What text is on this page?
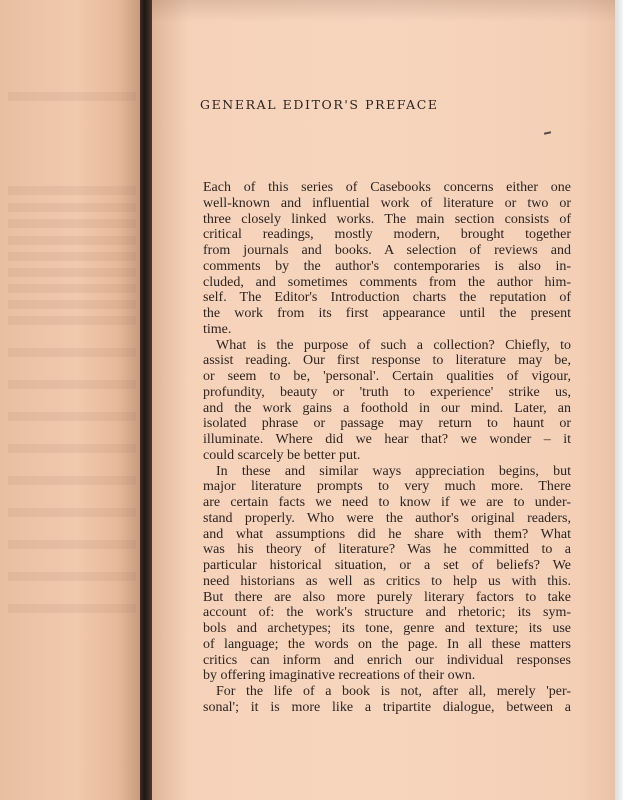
GENERAL EDITOR'S PREFACE
Each of this series of Casebooks concerns either one
well-known and influential work of literature or two or
three closely linked works. The main section consists of
critical readings, mostly modern, brought together
from journals and books. A selection of reviews and
comments by the author's contemporaries is also in-
cluded, and sometimes comments from the author him-
self. The Editor's Introduction charts the reputation of
the work from its first appearance until the present
time.
What is the purpose of such a collection? Chiefly, to
assist reading. Our first response to literature may be,
or seem to be, 'personal'. Certain qualities of vigour,
profundity, beauty or 'truth to experience' strike us,
and the work gains a foothold in our mind. Later, an
isolated phrase or passage may return to haunt or
illuminate. Where did we hear that? we wonder – it
could scarcely be better put.
In these and similar ways appreciation begins, but
major literature prompts to very much more. There
are certain facts we need to know if we are to under-
stand properly. Who were the author's original readers,
and what assumptions did he share with them? What
was his theory of literature? Was he committed to a
particular historical situation, or a set of beliefs? We
need historians as well as critics to help us with this.
But there are also more purely literary factors to take
account of: the work's structure and rhetoric; its sym-
bols and archetypes; its tone, genre and texture; its use
of language; the words on the page. In all these matters
critics can inform and enrich our individual responses
by offering imaginative recreations of their own.
For the life of a book is not, after all, merely 'per-
sonal'; it is more like a tripartite dialogue, between a
